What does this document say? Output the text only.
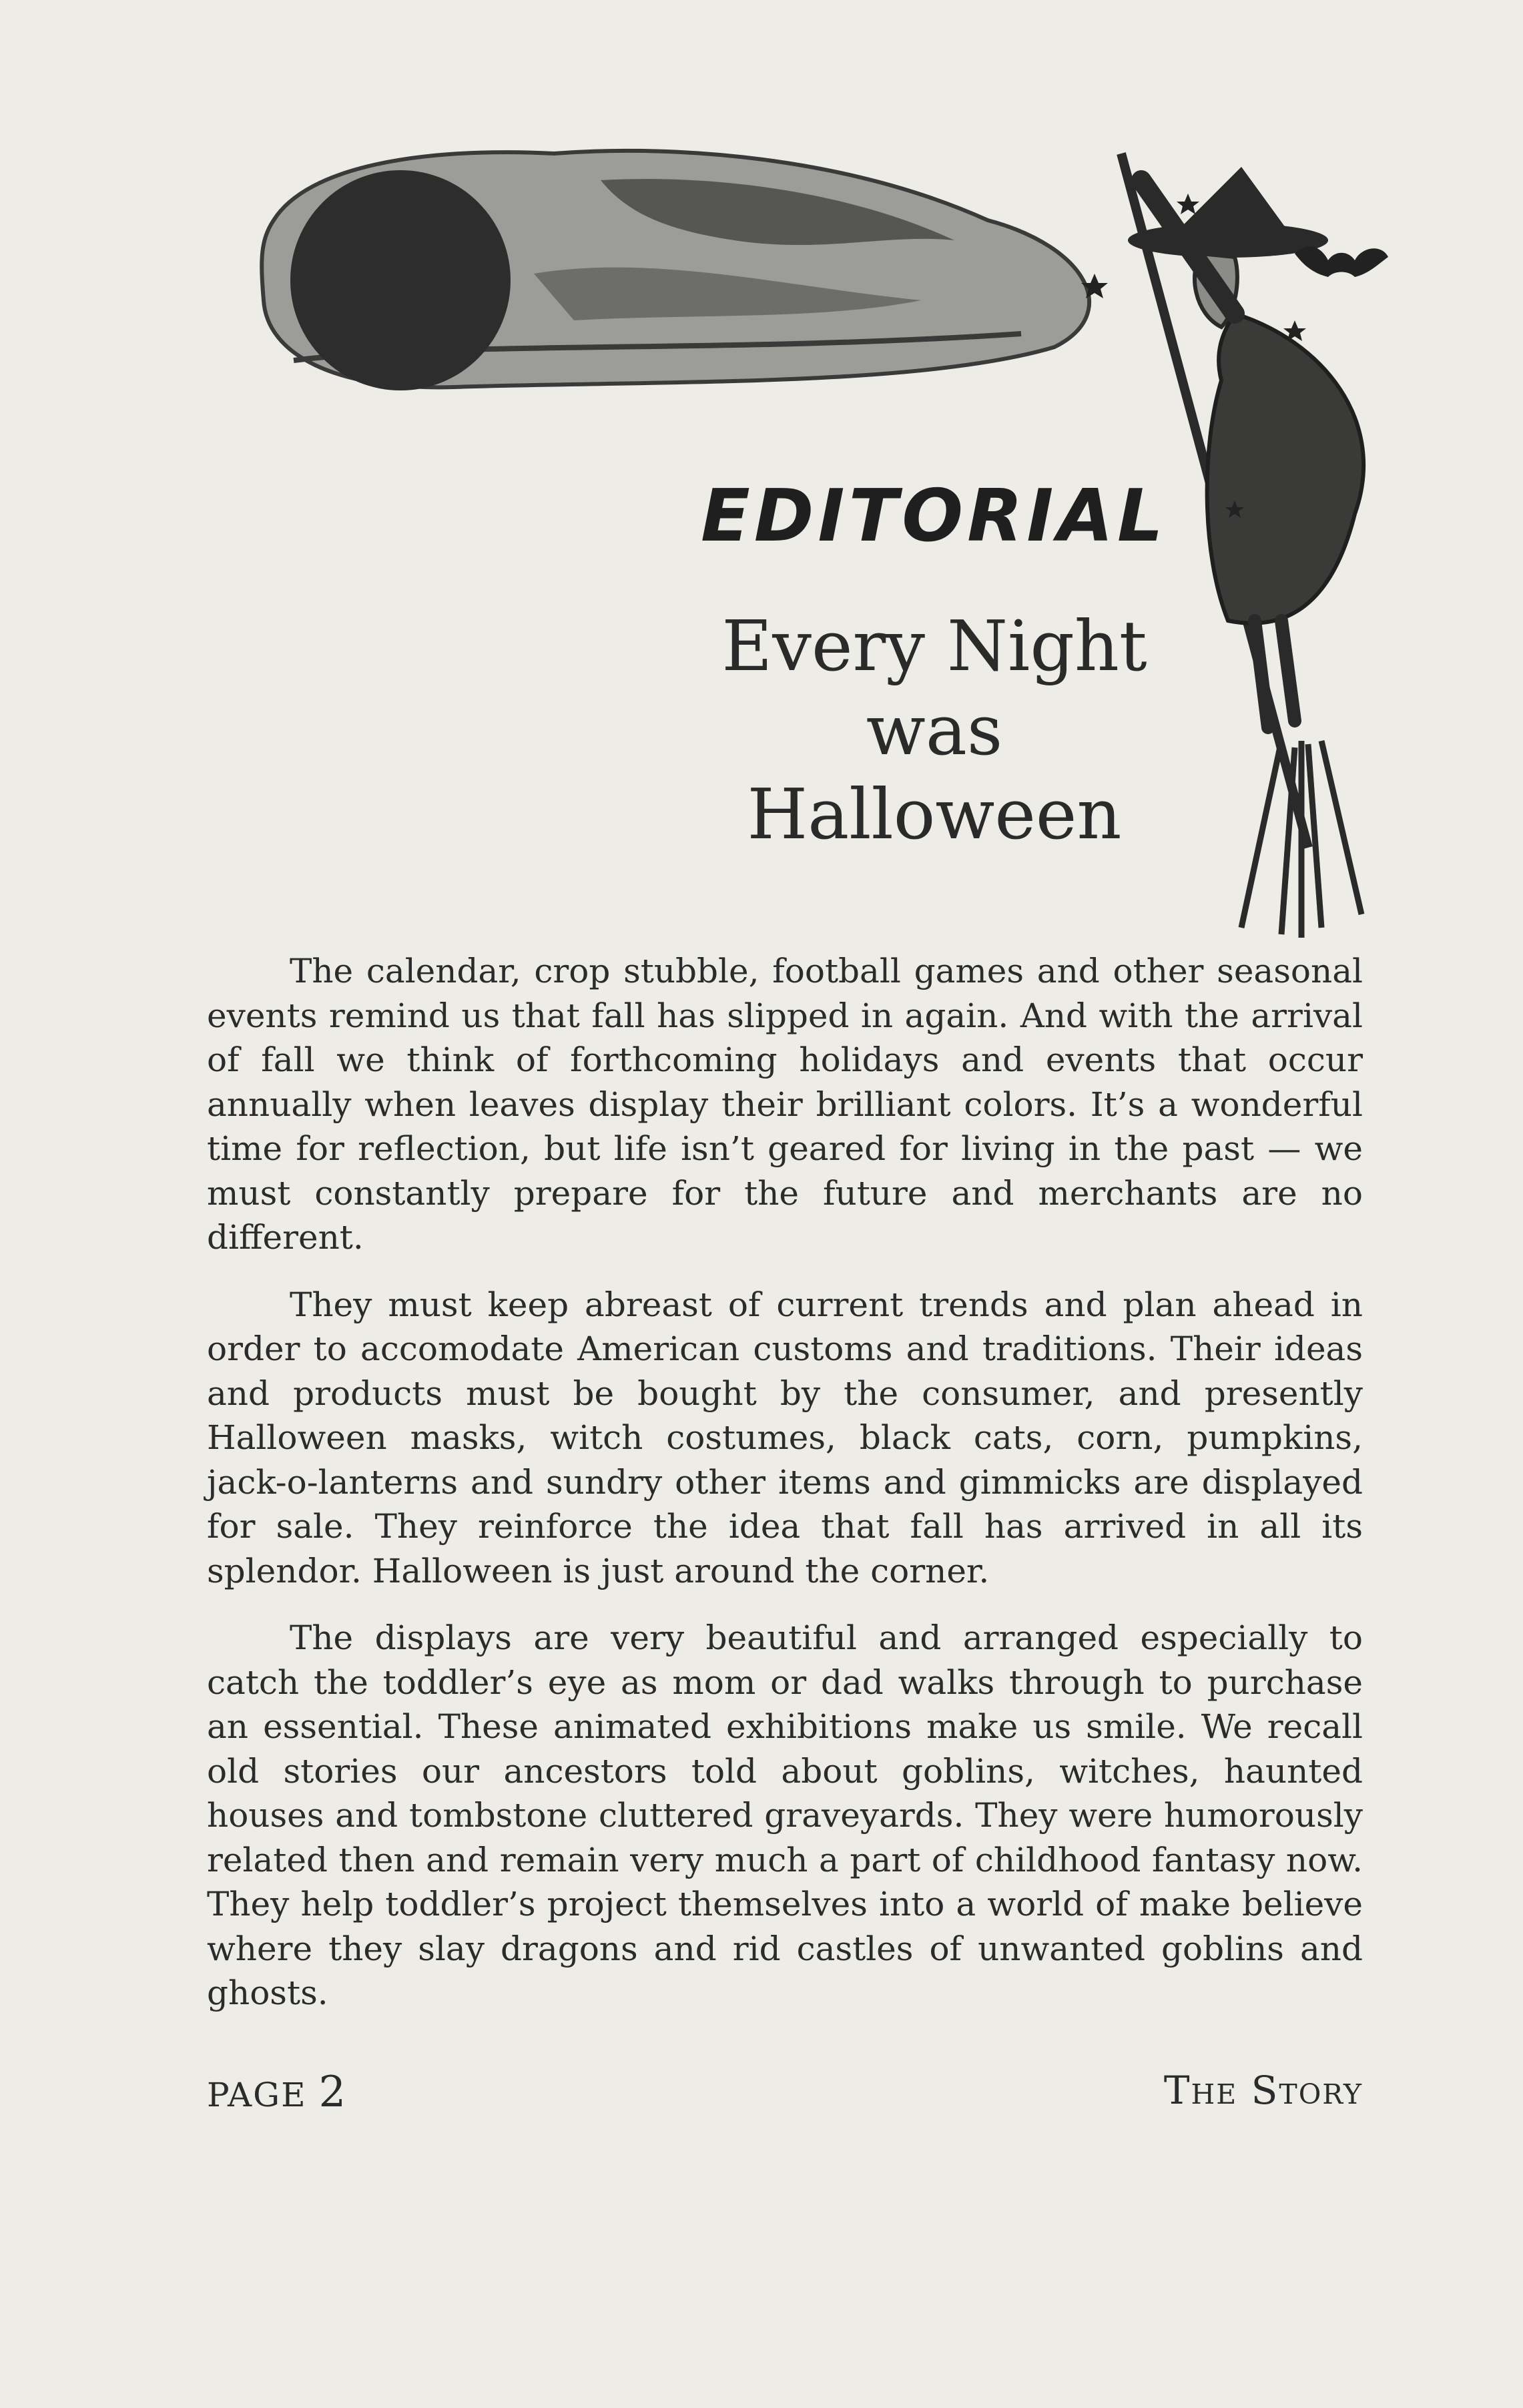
EDITORIAL
Every Night
was
Halloween

The calendar, crop stubble, football games and other seasonal events remind us that fall has slipped in again. And with the arrival of fall we think of forthcoming holidays and events that occur annually when leaves display their brilliant colors. It’s a wonderful time for reflection, but life isn’t geared for living in the past — we must constantly prepare for the future and merchants are no different.

They must keep abreast of current trends and plan ahead in order to accomodate American customs and traditions. Their ideas and products must be bought by the consumer, and presently Halloween masks, witch costumes, black cats, corn, pumpkins, jack-o-lanterns and sundry other items and gimmicks are displayed for sale. They reinforce the idea that fall has arrived in all its splendor. Halloween is just around the corner.

The displays are very beautiful and arranged especially to catch the toddler’s eye as mom or dad walks through to purchase an essential. These animated exhibitions make us smile. We recall old stories our ancestors told about goblins, witches, haunted houses and tombstone cluttered graveyards. They were humorously related then and remain very much a part of childhood fantasy now. They help toddler’s project themselves into a world of make believe where they slay dragons and rid castles of unwanted goblins and ghosts.

PAGE 2	The Story
